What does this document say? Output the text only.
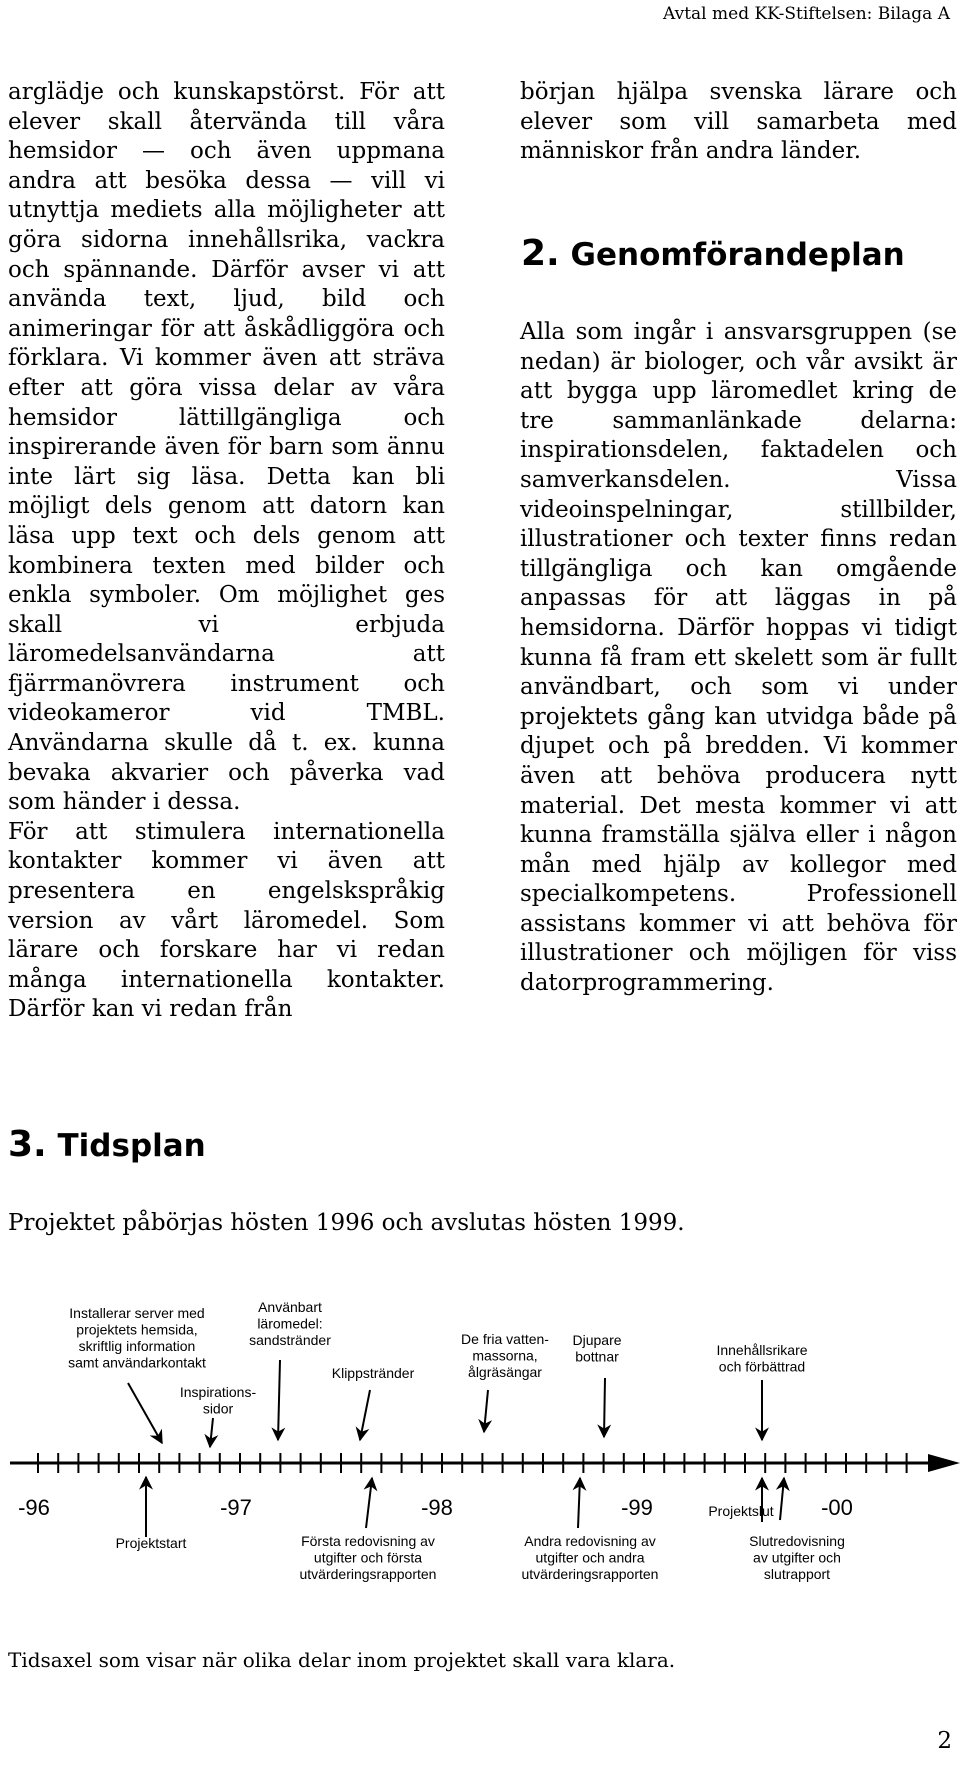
Avtal med KK-Stiftelsen: Bilaga A

arglädje och kunskapstörst. För att elever skall återvända till våra hemsidor — och även uppmana andra att besöka dessa — vill vi utnyttja mediets alla möjligheter att göra sidorna innehållsrika, vackra och spännande. Därför avser vi att använda text, ljud, bild och animeringar för att åskådliggöra och förklara. Vi kommer även att sträva efter att göra vissa delar av våra hemsidor lättillgängliga och inspirerande även för barn som ännu inte lärt sig läsa. Detta kan bli möjligt dels genom att datorn kan läsa upp text och dels genom att kombinera texten med bilder och enkla symboler. Om möjlighet ges skall vi erbjuda läromedelsanvändarna att fjärrmanövrera instrument och videokameror vid TMBL. Användarna skulle då t. ex. kunna bevaka akvarier och påverka vad som händer i dessa.

För att stimulera internationella kontakter kommer vi även att presentera en engelskspråkig version av vårt läromedel. Som lärare och forskare har vi redan många internationella kontakter. Därför kan vi redan från

början hjälpa svenska lärare och elever som vill samarbeta med människor från andra länder.

2. Genomförandeplan

Alla som ingår i ansvarsgruppen (se nedan) är biologer, och vår avsikt är att bygga upp läromedlet kring de tre sammanlänkade delarna: inspirationsdelen, faktadelen och samverkansdelen. Vissa videoinspelningar, stillbilder, illustrationer och texter finns redan tillgängliga och kan omgående anpassas för att läggas in på hemsidorna. Därför hoppas vi tidigt kunna få fram ett skelett som är fullt användbart, och som vi under projektets gång kan utvidga både på djupet och på bredden. Vi kommer även att behöva producera nytt material. Det mesta kommer vi att kunna framställa själva eller i någon mån med hjälp av kollegor med specialkompetens. Professionell assistans kommer vi att behöva för illustrationer och möjligen för viss datorprogrammering.

3. Tidsplan
Projektet påbörjas hösten 1996 och avslutas hösten 1999.
-96	-97	-98	-99	-00
Installerar server med
projektets hemsida,
skriftlig information
samt användarkontakt
Inspirations-
sidor
Använbart
läromedel:
sandstränder
Klippstränder
De fria vatten-
massorna,
ålgräsängar
Djupare
bottnar	Innehållsrikare
och förbättrad
Projektstart	Första redovisning av
utgifter och första
utvärderingsrapporten
Andra redovisning av
utgifter och andra
utvärderingsrapporten
Projektslut
Slutredovisning
av utgifter och
slutrapport
Tidsaxel som visar när olika delar inom projektet skall vara klara.
2
